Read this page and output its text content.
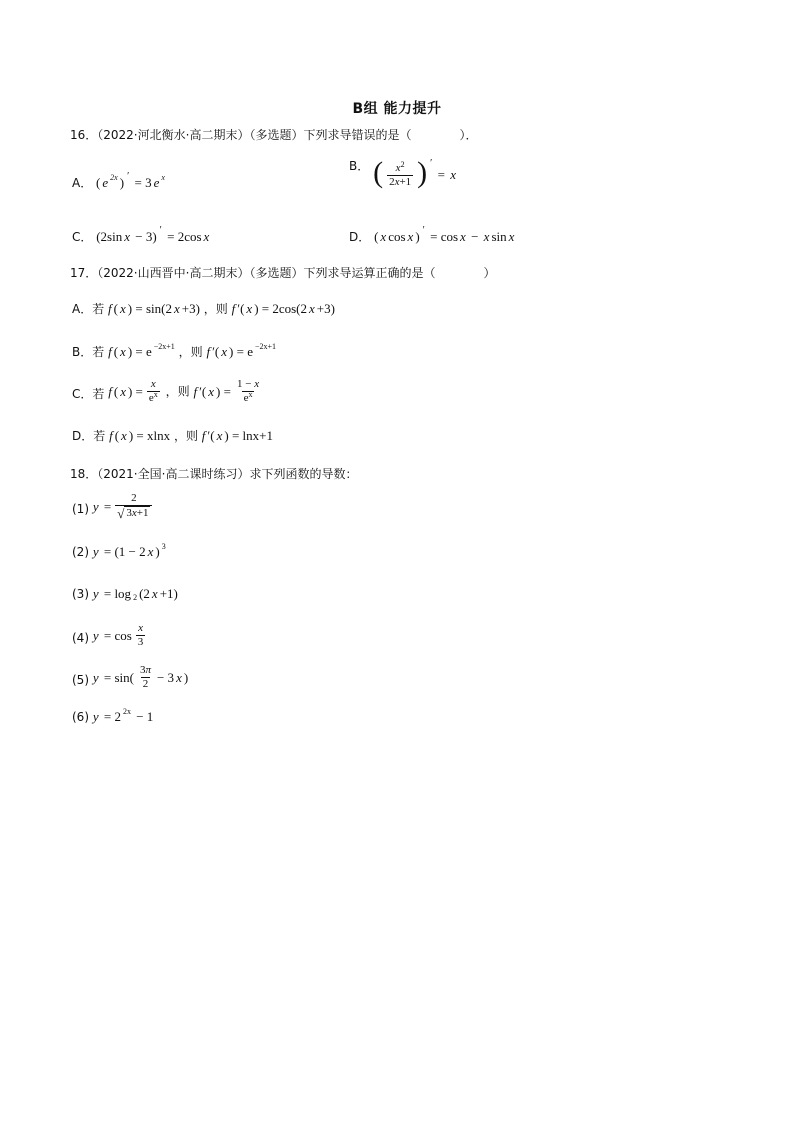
B组 能力提升
16．（2022·河北衡水·高二期末）（多选题）下列求导错误的是（　　　　）．
A． ( e 2x ) ′ = 3 e x
B． ( $\frac{x^2}{2x+1}$ ) ′
= x
C． (2sin x − 3) ′ = 2cos x	D． ( x cos x ) ′ = cos x − x sin x
17．（2022·山西晋中·高二期末）（多选题）下列求导运算正确的是（　　　　）
A．若 f ( x ) = sin(2 x +3) ，则 f ′( x ) = 2cos(2 x +3)
B．若 f ( x ) = e −2x+1 ，则 f ′( x ) = e −2x+1
C．若 f ( x ) = $\frac{x}{e^x}$ ，则 f ′( x ) = $\frac{1 - x}{e^x}$
D．若 f ( x ) = xlnx ，则 f ′( x ) = lnx+1
18．（2021·全国·高二课时练习）求下列函数的导数：
(1) $y = \frac{2}{√ 3x+1}$
(2) y = (1 − 2 x ) 3
(3) y = log 2 (2 x +1)
(4) $y = \cos \frac{x}{3}$
(5) $y = \sin( \frac{3\pi}{2} - 3$ x )
(6) y = 2 2x − 1
